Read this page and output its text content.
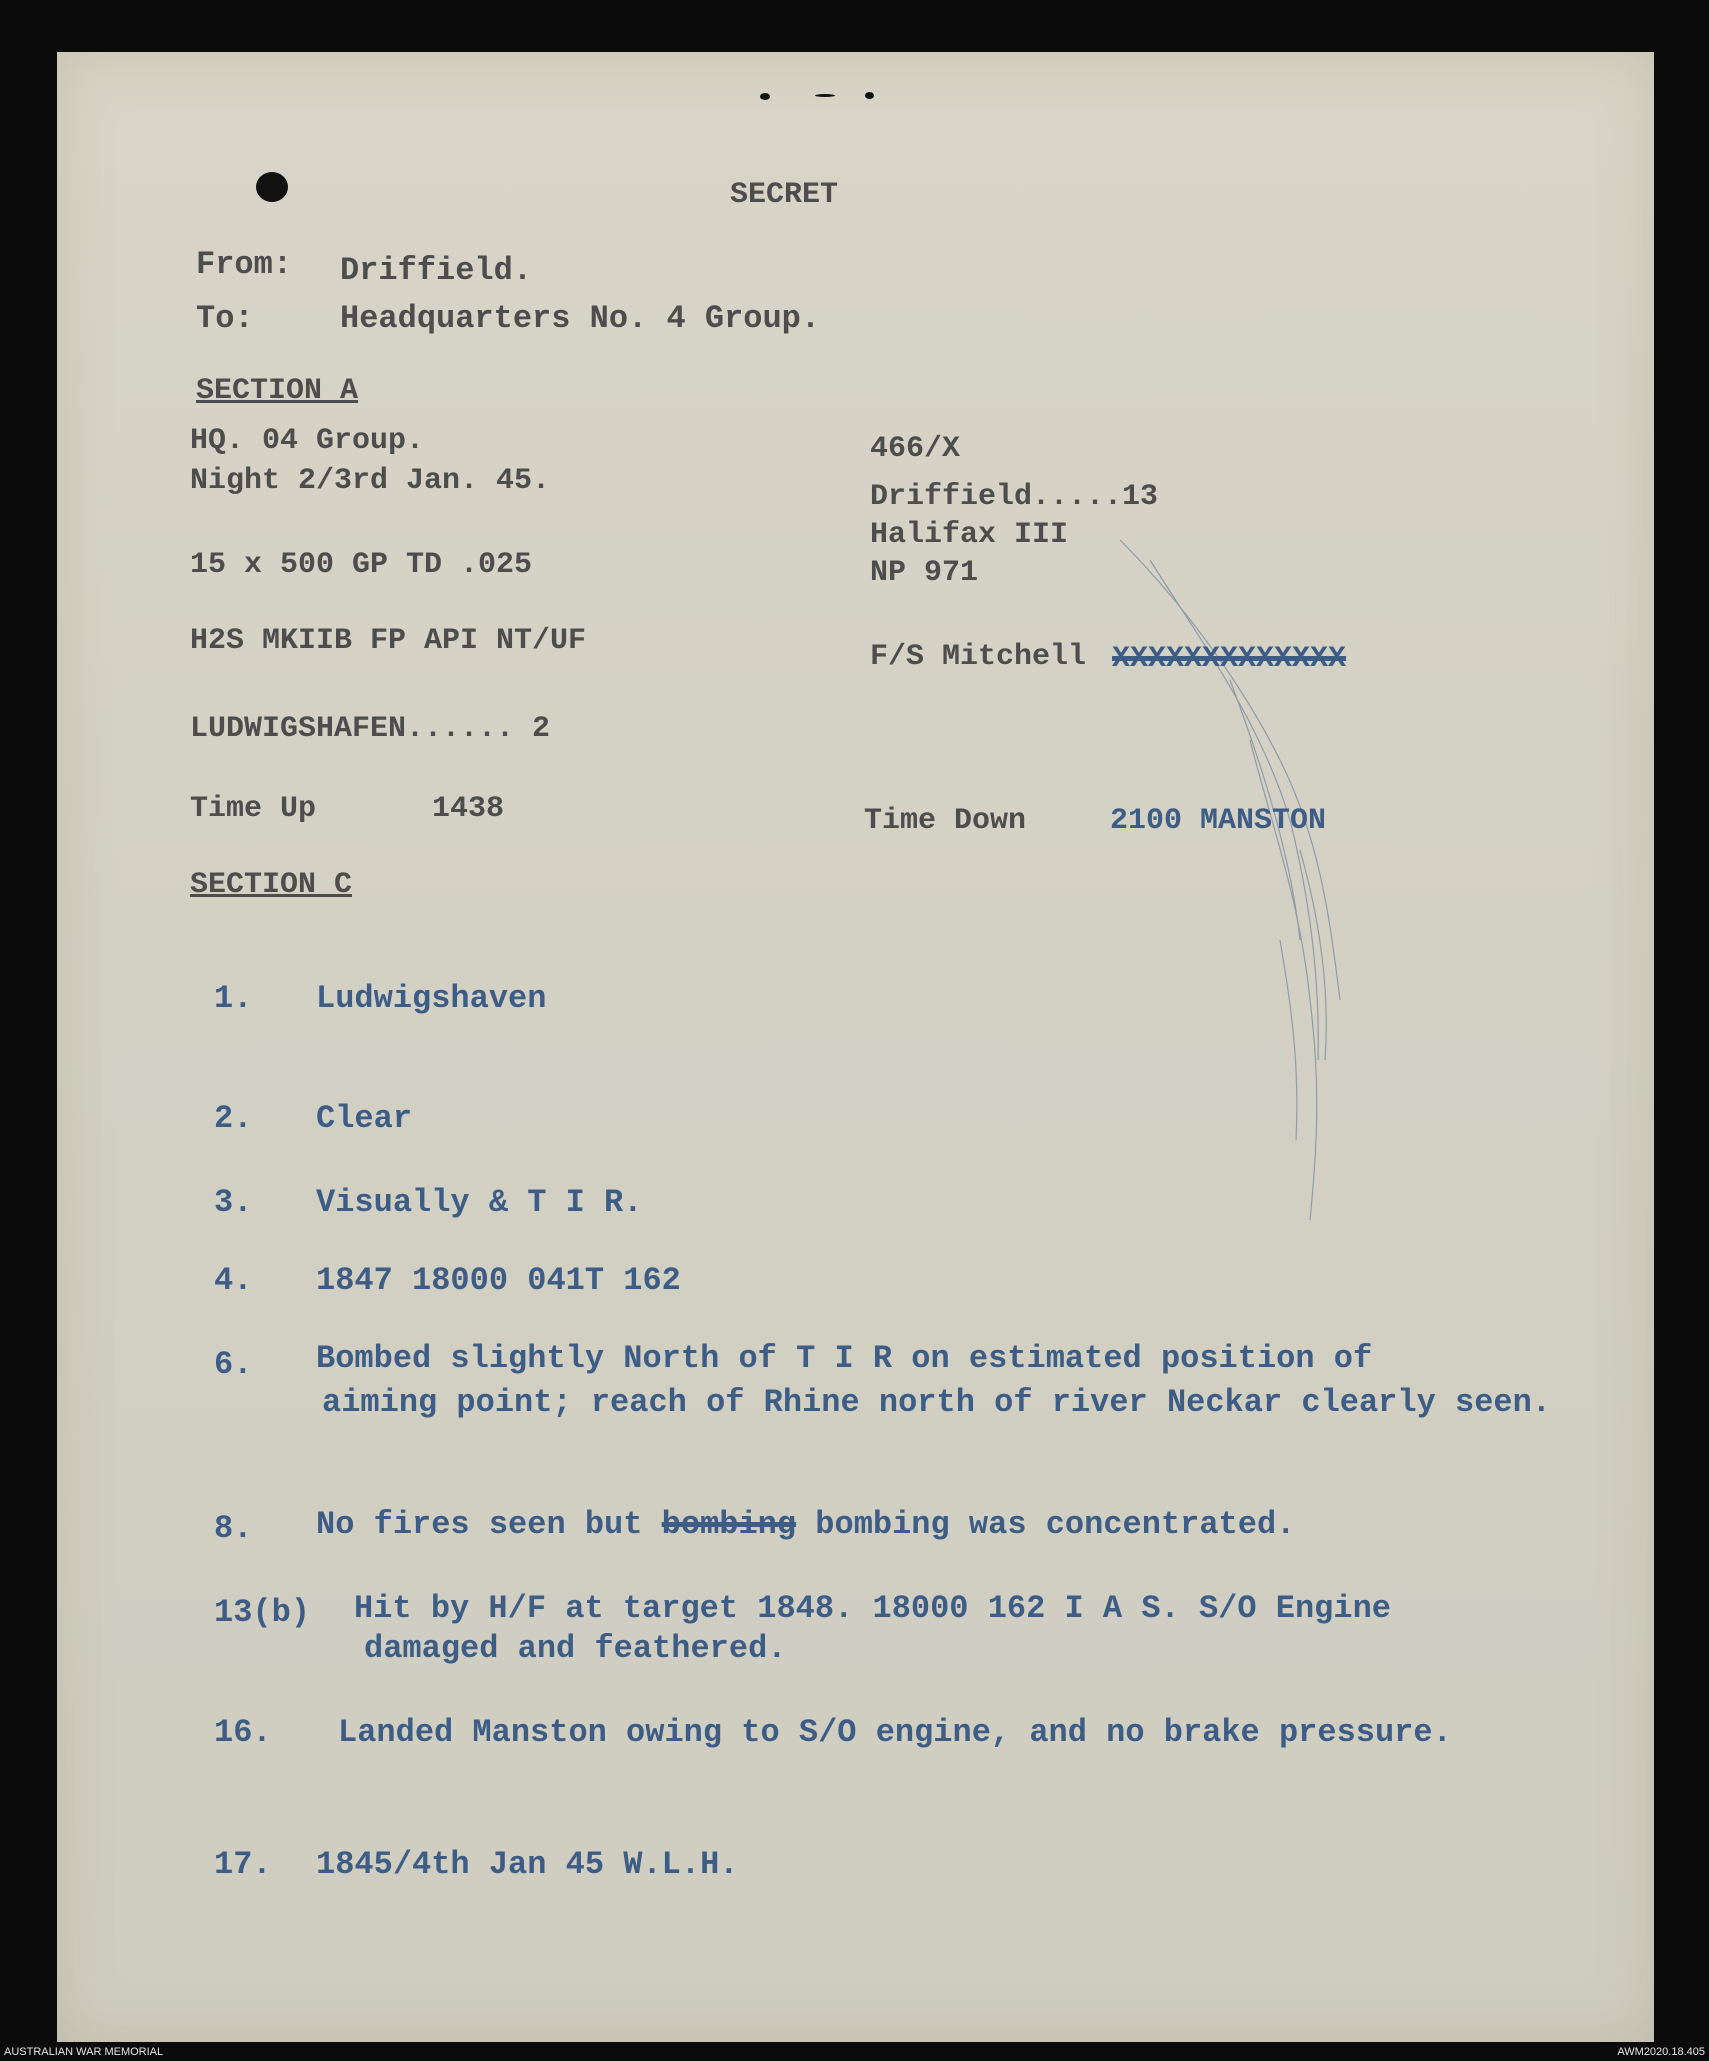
SECRET
From: Driffield.
To:	Headquarters No. 4 Group.
SECTION A
HQ. 04 Group.
Night 2/3rd Jan. 45.
15 x 500 GP TD .025
H2S MKIIB FP API NT/UF
LUDWIGSHAFEN...... 2
466/X
Driffield.....13
Halifax III
NP 971
F/S Mitchell XXXXXXXXXXXXX
Time Up	1438	Time Down	2100 MANSTON
SECTION C
1. Ludwigshaven
2. Clear
3. Visually & T I R.
4. 1847 18000 041T 162
6. Bombed slightly North of T I R on estimated position of
aiming point; reach of Rhine north of river Neckar clearly seen.
8. No fires seen but bombing bombing was concentrated.
13(b) Hit by H/F at target 1848. 18000 162 I A S. S/O Engine
damaged and feathered.
16. Landed Manston owing to S/O engine, and no brake pressure.
17. 1845/4th Jan 45 W.L.H.
AUSTRALIAN WAR MEMORIAL	AWM2020.18.405
